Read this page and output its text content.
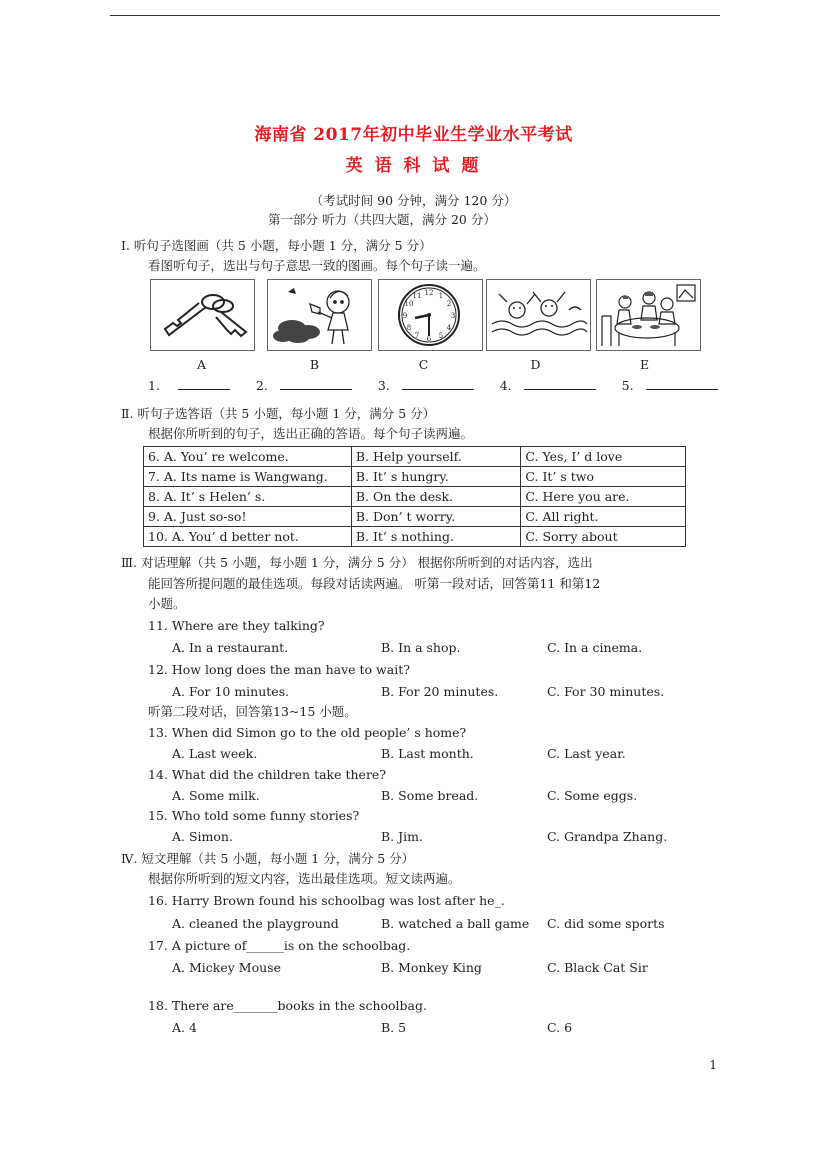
海南省 2017年初中毕业生学业水平考试
英 语 科 试 题
（考试时间 90 分钟，满分 120 分）
第一部分 听力（共四大题，满分 20 分）
Ⅰ. 听句子选图画（共 5 小题，每小题 1 分，满分 5 分）
看图听句子，选出与句子意思一致的图画。每个句子读一遍。
12
6
3
9
1
2
4
5
7
8
10
11
A	B	C	D	E
1.	2.	3.	4.	5.
Ⅱ. 听句子选答语（共 5 小题，每小题 1 分，满分 5 分）
根据你所听到的句子，选出正确的答语。每个句子读两遍。
6. A. You’ re welcome.	B. Help yourself.	C. Yes, I’ d love
7. A. Its name is Wangwang.	B. It’ s hungry.	C. It’ s two
8. A. It’ s Helen’ s.	B. On the desk.	C. Here you are.
9. A. Just so-so!	B. Don’ t worry.	C. All right.
10. A. You’ d better not.	B. It’ s nothing.	C. Sorry about
Ⅲ. 对话理解（共 5 小题，每小题 1 分，满分 5 分） 根据你所听到的对话内容，选出
能回答所提问题的最佳选项。每段对话读两遍。 听第一段对话，回答第11 和第12
小题。
11. Where are they talking?
A. In a restaurant.	B. In a shop.	C. In a cinema.
12. How long does the man have to wait?
A. For 10 minutes.	B. For 20 minutes.	C. For 30 minutes.
听第二段对话，回答第13~15 小题。
13. When did Simon go to the old people’ s home?
A. Last week.	B. Last month.	C. Last year.
14. What did the children take there?
A. Some milk.	B. Some bread.	C. Some eggs.
15. Who told some funny stories?
A. Simon.	B. Jim.	C. Grandpa Zhang.
Ⅳ. 短文理解（共 5 小题，每小题 1 分，满分 5 分）
根据你所听到的短文内容，选出最佳选项。短文读两遍。
16. Harry Brown found his schoolbag was lost after he_.
A. cleaned the playground	B. watched a ball game C. did some sports
17. A picture of______is on the schoolbag.
A. Mickey Mouse	B. Monkey King	C. Black Cat Sir
18. There are_______books in the schoolbag.
A. 4	B. 5	C. 6
1
